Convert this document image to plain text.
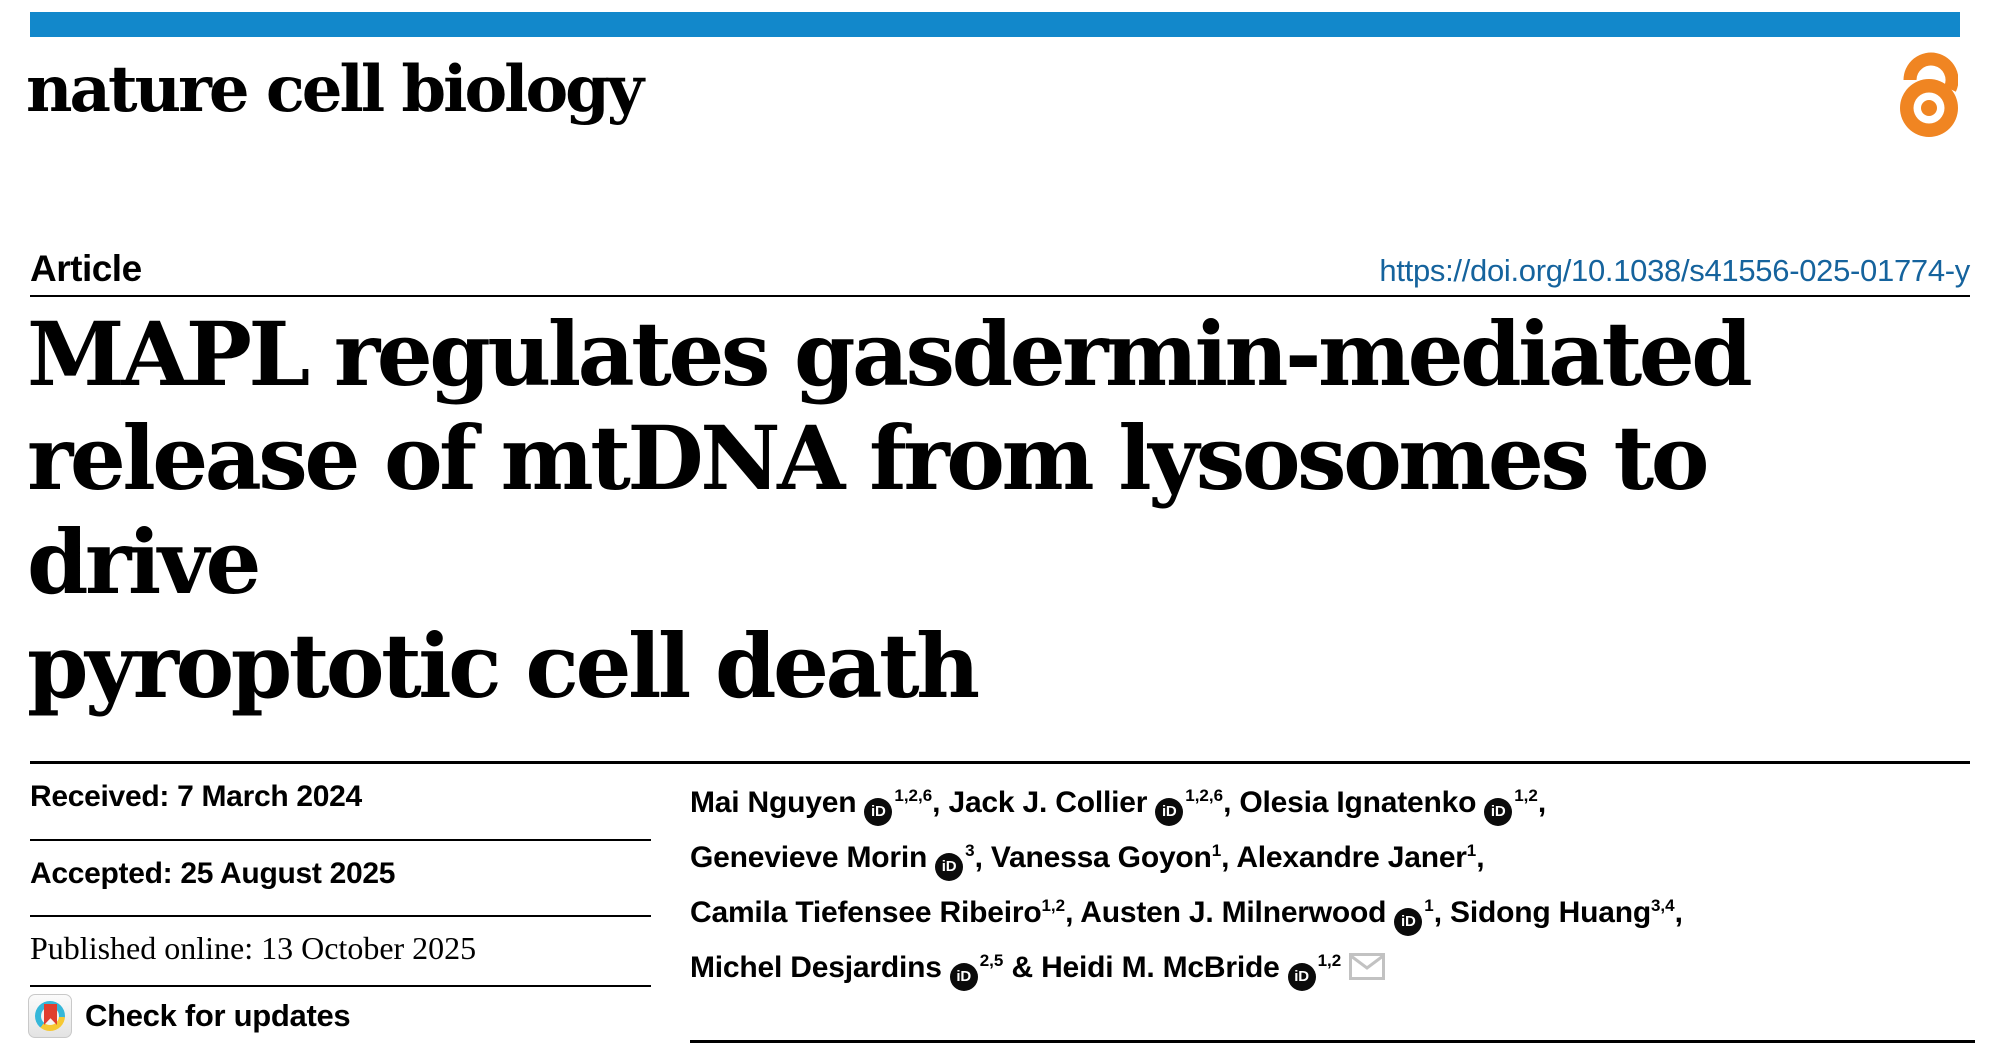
nature cell biology
Article	https://doi.org/10.1038/s41556-025-01774-y
MAPL regulates gasdermin-mediated
release of mtDNA from lysosomes to drive
pyroptotic cell death
Received: 7 March 2024
Accepted: 25 August 2025
Published online: 13 October 2025
Check for updates
Mai Nguyen iD$^{1,2,6}$, Jack J. Collier iD$^{1,2,6}$, Olesia Ignatenko iD$^{1,2}$,
Genevieve Morin iD$^3$, Vanessa Goyon$^1$, Alexandre Janer$^1$,
Camila Tiefensee Ribeiro$^{1,2}$, Austen J. Milnerwood iD$^1$, Sidong Huang$^{3,4}$,
Michel Desjardins iD$^{2,5}$ & Heidi M. McBride iD$^{1,2}$
